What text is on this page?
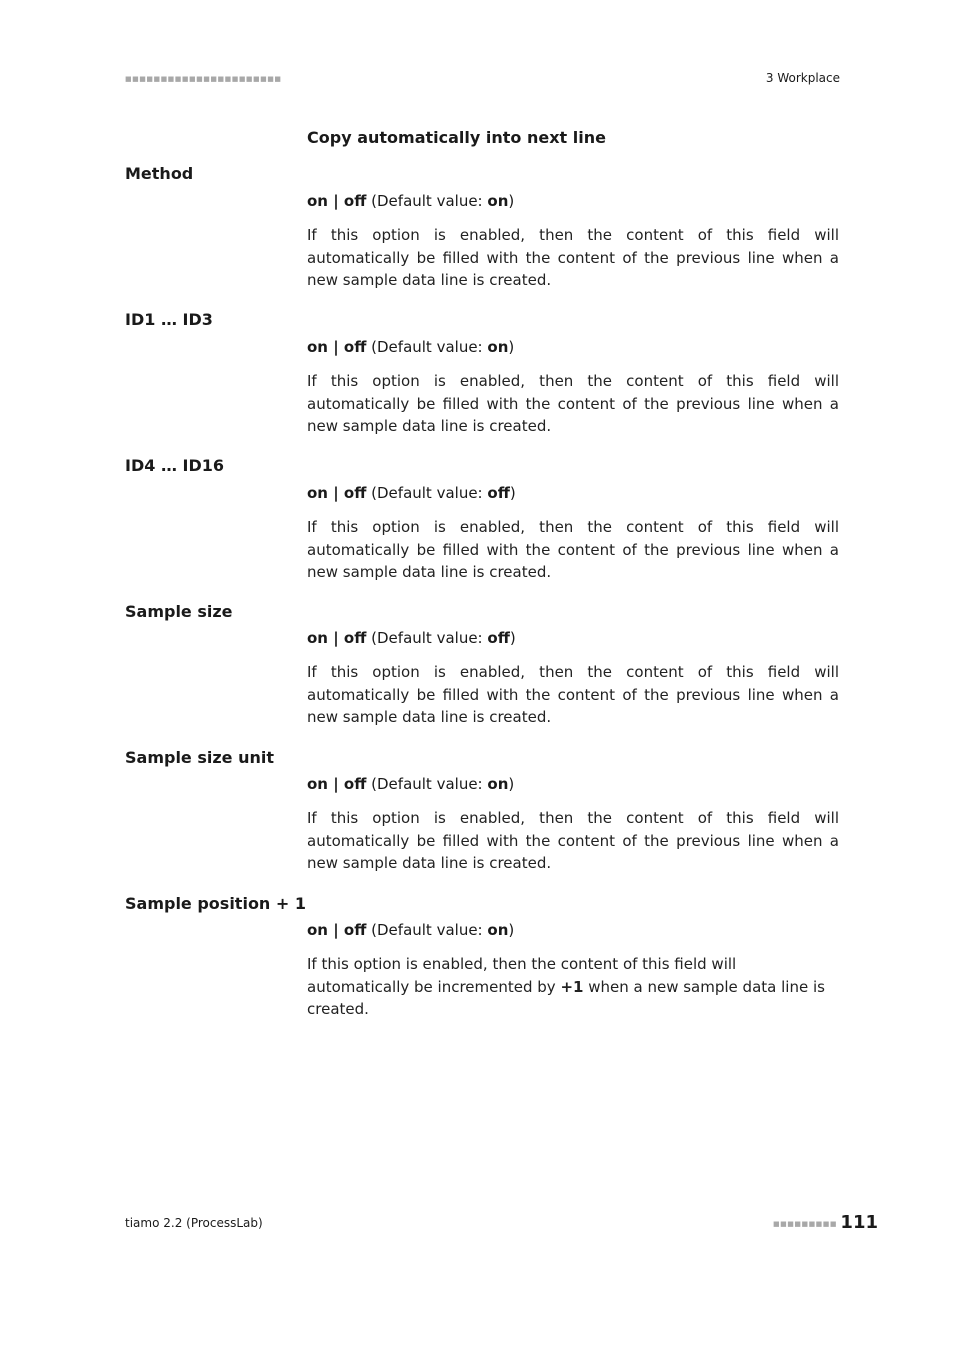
■■■■■■■■■■■■■■■■■■■■■■	3 Workplace
Copy automatically into next line
Method
on | off (Default value: on)
If this option is enabled, then the content of this field will automatically be filled with the content of the previous line when a new sample data line is created.
ID1 … ID3
on | off (Default value: on)
If this option is enabled, then the content of this field will automatically be filled with the content of the previous line when a new sample data line is created.
ID4 … ID16
on | off (Default value: off)
If this option is enabled, then the content of this field will automatically be filled with the content of the previous line when a new sample data line is created.
Sample size
on | off (Default value: off)
If this option is enabled, then the content of this field will automatically be filled with the content of the previous line when a new sample data line is created.
Sample size unit
on | off (Default value: on)
If this option is enabled, then the content of this field will automatically be filled with the content of the previous line when a new sample data line is created.
Sample position + 1
on | off (Default value: on)
If this option is enabled, then the content of this field will automatically be incremented by +1 when a new sample data line is created.
tiamo 2.2 (ProcessLab)	■■■■■■■■■ 111
